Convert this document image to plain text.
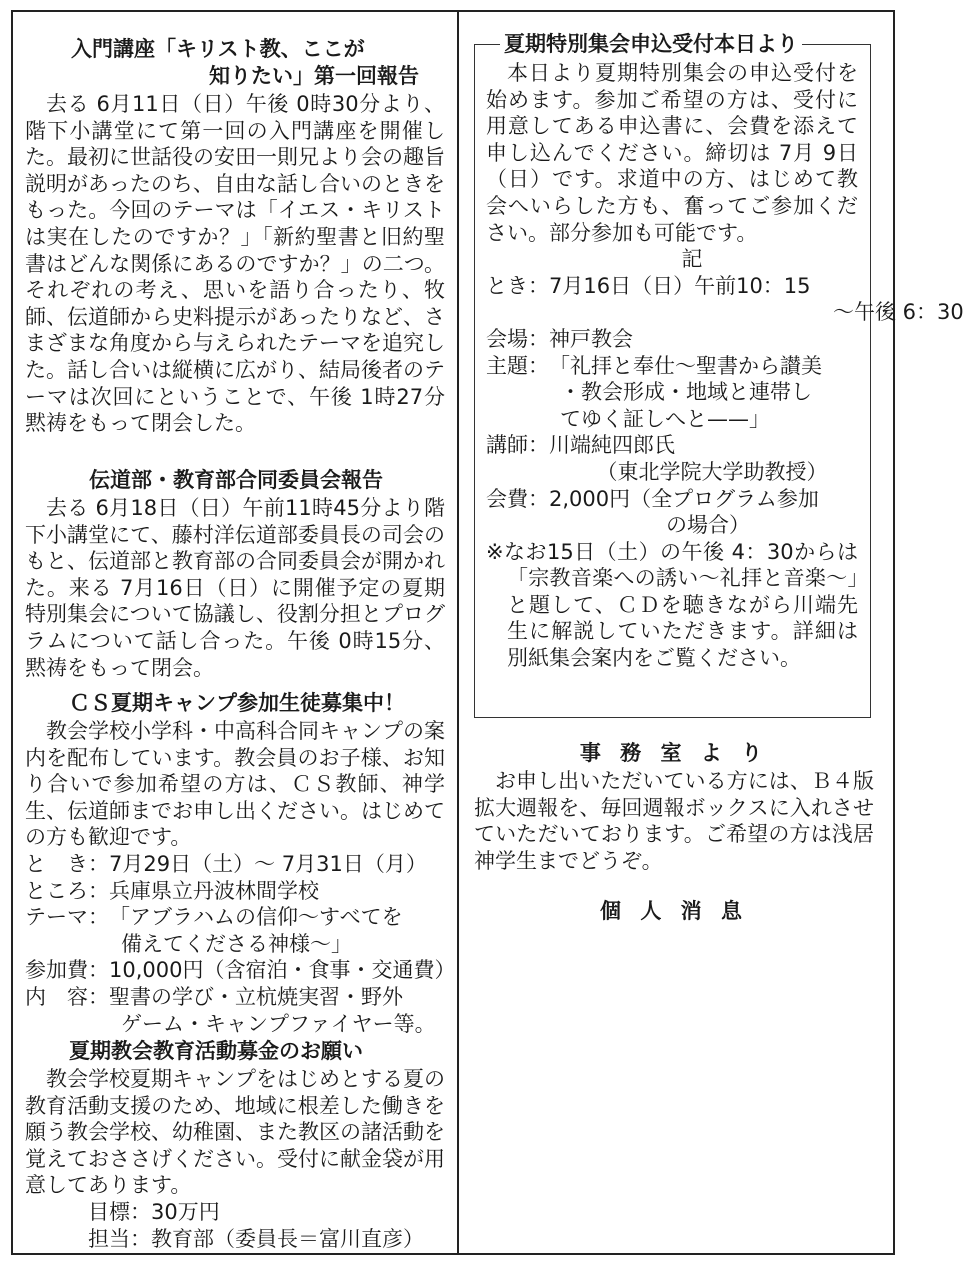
入門講座「キリスト教、ここが

知りたい」第一回報告

去る 6月11日（日）午後 0時30分より、階下小講堂にて第一回の入門講座を開催した。最初に世話役の安田一則兄より会の趣旨説明があったのち、自由な話し合いのときをもった。今回のテーマは「イエス・キリストは実在したのですか？」「新約聖書と旧約聖書はどんな関係にあるのですか？」の二つ。それぞれの考え、思いを語り合ったり、牧師、伝道師から史料提示があったりなど、さまざまな角度から与えられたテーマを追究した。話し合いは縦横に広がり、結局後者のテーマは次回にということで、午後 1時27分黙祷をもって閉会した。

伝道部・教育部合同委員会報告

去る 6月18日（日）午前11時45分より階下小講堂にて、藤村洋伝道部委員長の司会のもと、伝道部と教育部の合同委員会が開かれた。来る 7月16日（日）に開催予定の夏期特別集会について協議し、役割分担とプログラムについて話し合った。午後 0時15分、黙祷をもって閉会。

ＣＳ夏期キャンプ参加生徒募集中！

教会学校小学科・中高科合同キャンプの案内を配布しています。教会員のお子様、お知り合いで参加希望の方は、ＣＳ教師、神学生、伝道師までお申し出ください。はじめての方も歓迎です。

と　き： 7月29日（土）～ 7月31日（月）
ところ： 兵庫県立丹波林間学校
テーマ： 「アブラハムの信仰～すべてを
備えてくださる神様～」
参加費： 10,000円（含宿泊・食事・交通費）
内　容： 聖書の学び・立杭焼実習・野外
ゲーム・キャンプファイヤー等。

夏期教会教育活動募金のお願い

教会学校夏期キャンプをはじめとする夏の教育活動支援のため、地域に根差した働きを願う教会学校、幼稚園、また教区の諸活動を覚えておささげください。受付に献金袋が用意してあります。

目標：30万円
担当：教育部（委員長＝富川直彦）
夏期特別集会申込受付本日より

本日より夏期特別集会の申込受付を始めます。参加ご希望の方は、受付に用意してある申込書に、会費を添えて申し込んでください。締切は 7月 9日（日）です。求道中の方、はじめて教会へいらした方も、奮ってご参加ください。部分参加も可能です。

記
とき： 7月16日（日）午前10：15
　　　　　　　～午後 6：30
会場： 神戸教会
主題： 「礼拝と奉仕～聖書から讃美
・教会形成・地域と連帯し
てゆく証しへと——」
講師： 川端純四郎氏
　（東北学院大学助教授）
会費： 2,000円（全プログラム参加
の場合）

※なお15日（土）の午後 4：30からは「宗教音楽への誘い～礼拝と音楽～」と題して、ＣＤを聴きながら川端先生に解説していただきます。詳細は別紙集会案内をご覧ください。

事 務 室 よ り

お申し出いただいている方には、Ｂ４版拡大週報を、毎回週報ボックスに入れさせていただいております。ご希望の方は浅居神学生までどうぞ。

個 人 消 息
